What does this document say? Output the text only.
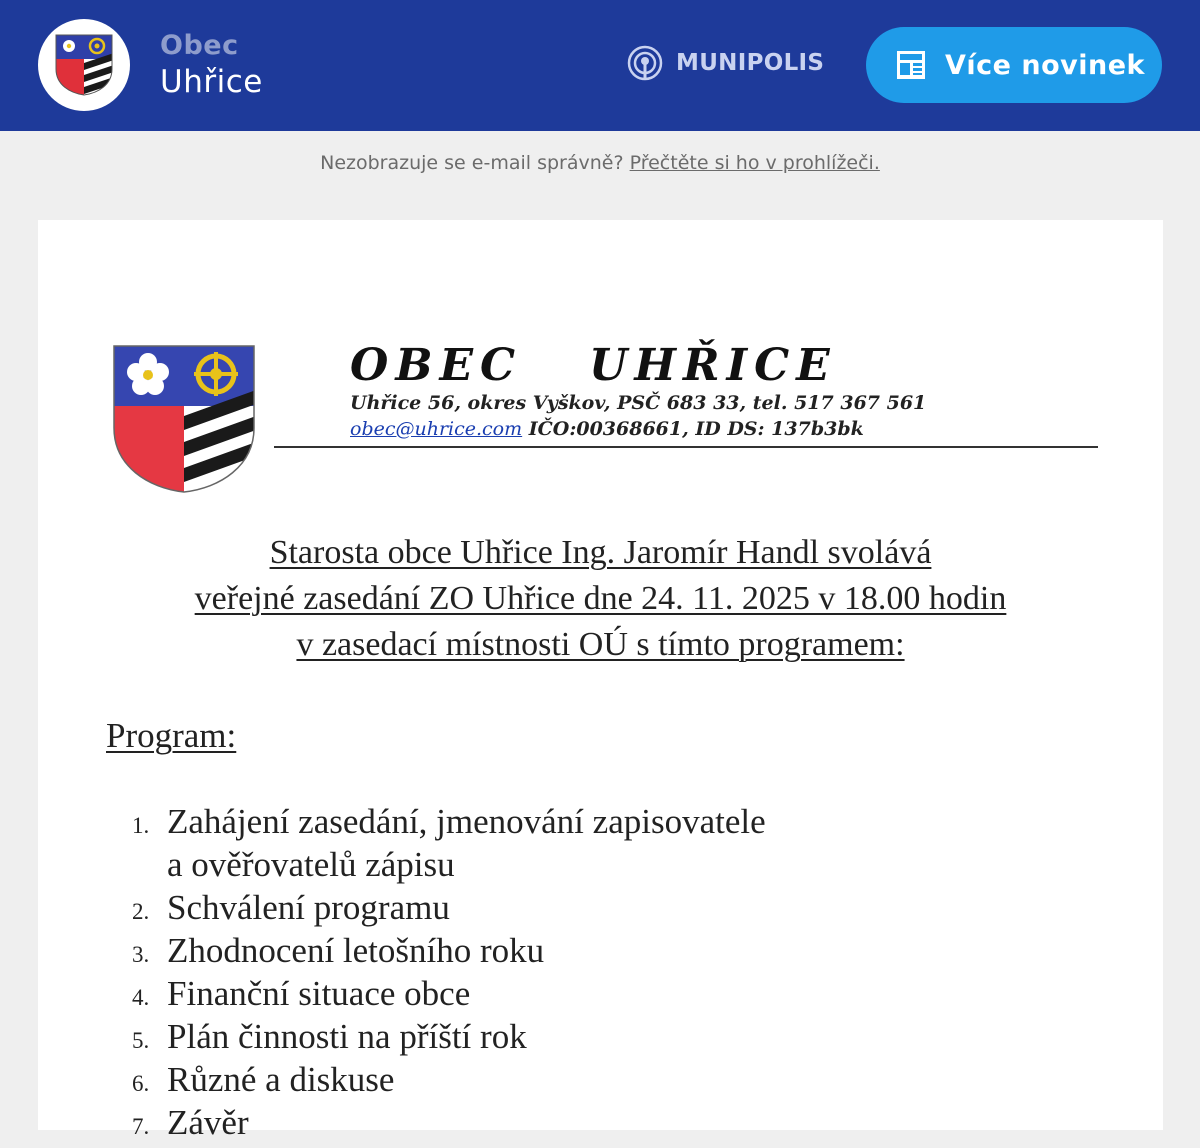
Obec
Uhřice
MUNIPOLIS	Více novinek
Nezobrazuje se e-mail správně? Přečtěte si ho v prohlížeči.
OBEC   UHŘICE
Uhřice 56, okres Vyškov, PSČ 683 33, tel. 517 367 561
obec@uhrice.com IČO:00368661, ID DS: 137b3bk
Starosta obce Uhřice Ing. Jaromír Handl svolává
veřejné zasedání ZO Uhřice dne 24. 11. 2025 v 18.00 hodin
v zasedací místnosti OÚ s tímto programem:
Program:
1. Zahájení zasedání, jmenování zapisovatele
a ověřovatelů zápisu
2. Schválení programu
3. Zhodnocení letošního roku
4. Finanční situace obce
5. Plán činnosti na příští rok
6. Různé a diskuse
7. Závěr
